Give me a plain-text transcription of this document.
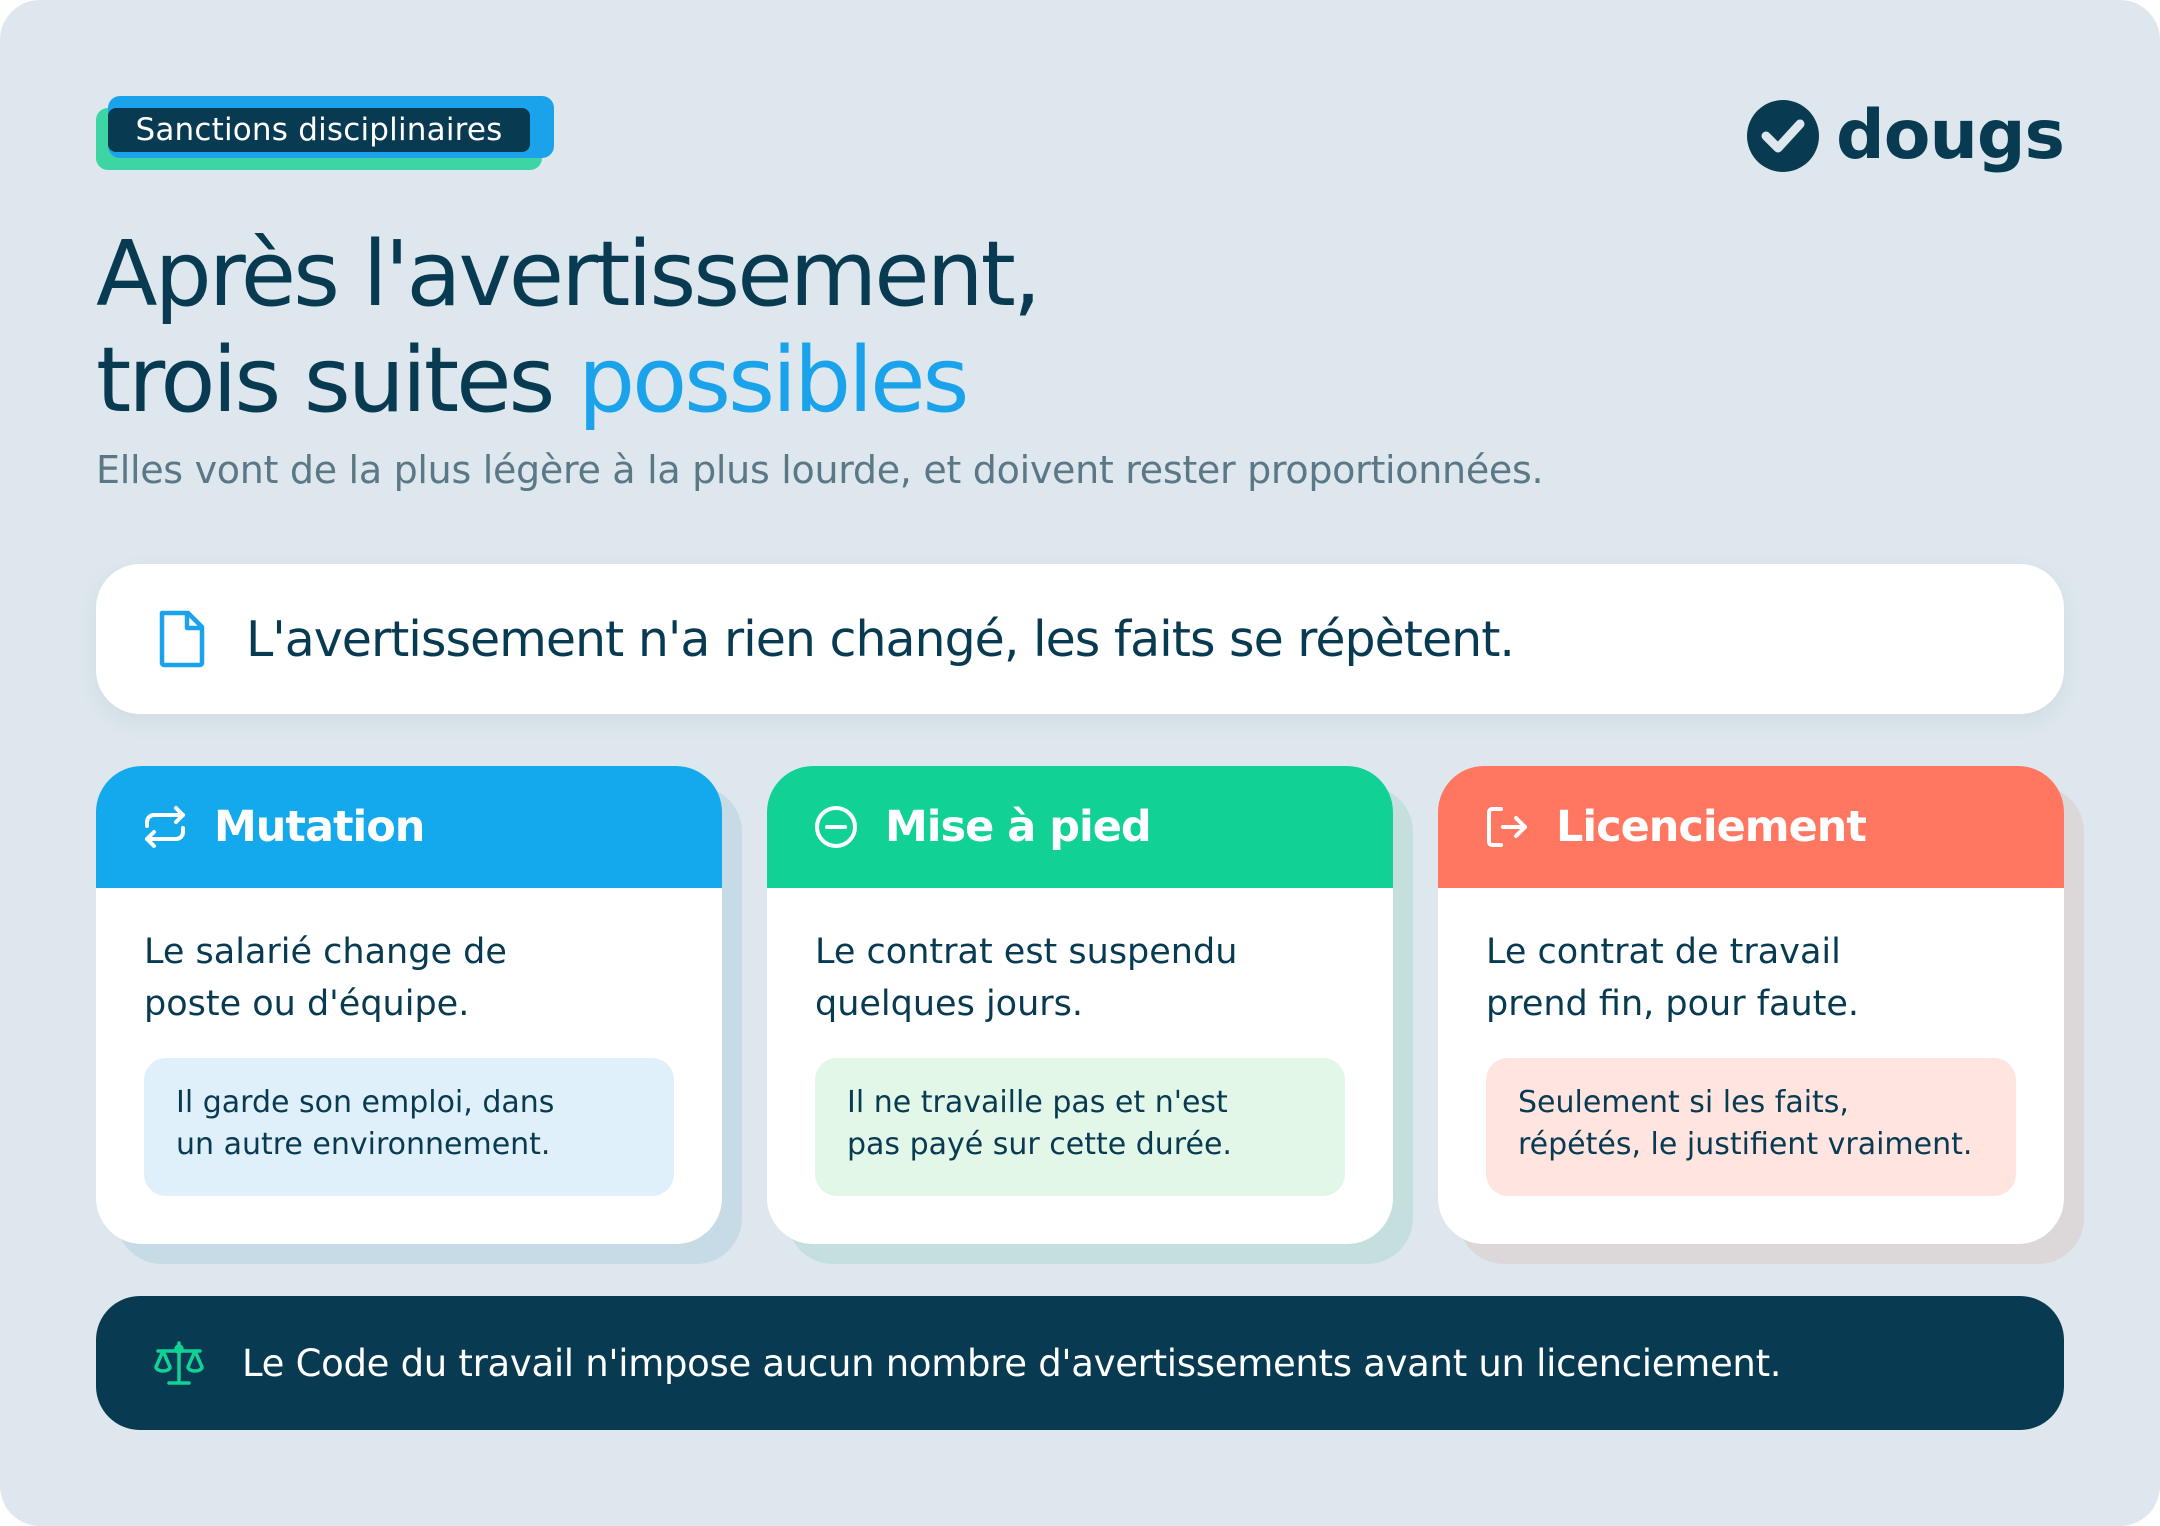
Sanctions disciplinaires	dougs
Après l'avertissement,
trois suites possibles

Elles vont de la plus légère à la plus lourde, et doivent rester proportionnées.

L'avertissement n'a rien changé, les faits se répètent.
Mutation
Le salarié change de
poste ou d'équipe.
Il garde son emploi, dans
un autre environnement.
Mise à pied
Le contrat est suspendu
quelques jours.
Il ne travaille pas et n'est
pas payé sur cette durée.
Licenciement
Le contrat de travail
prend fin, pour faute.
Seulement si les faits,
répétés, le justifient vraiment.
Le Code du travail n'impose aucun nombre d'avertissements avant un licenciement.
